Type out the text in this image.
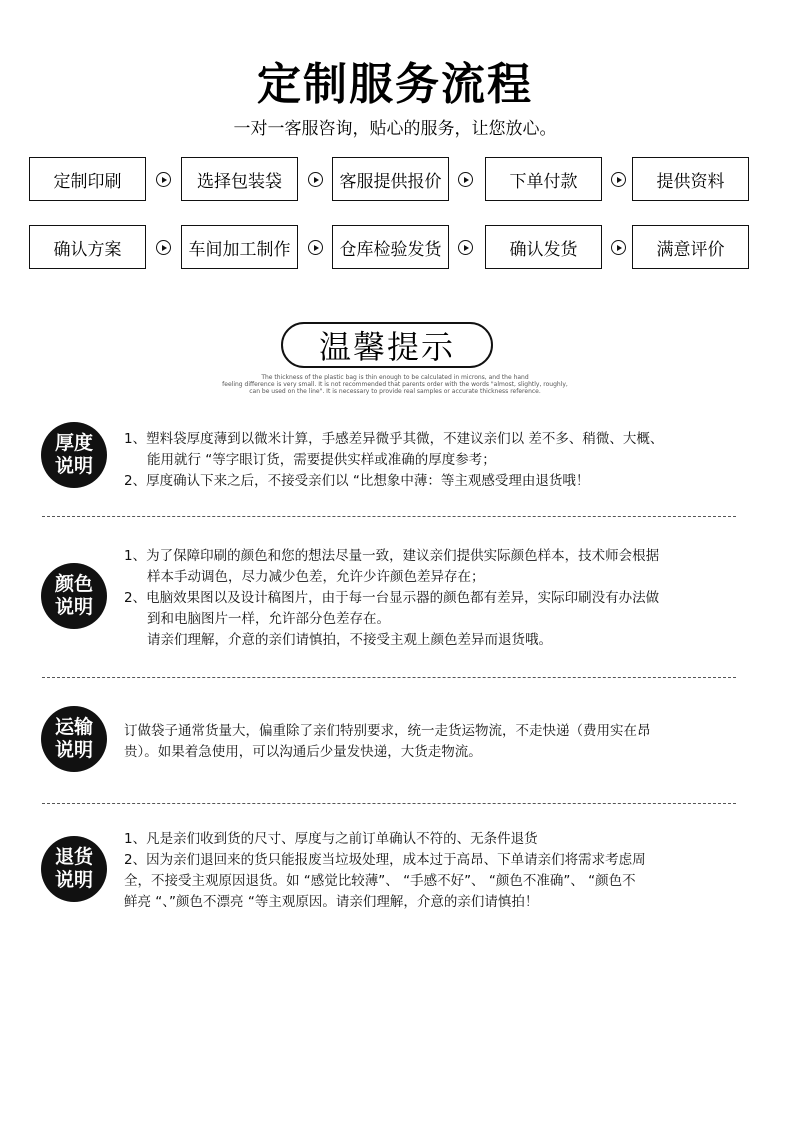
定制服务流程
一对一客服咨询，贴心的服务，让您放心。
定制印刷	选择包装袋	客服提供报价	下单付款	提供资料
确认方案	车间加工制作	仓库检验发货	确认发货	满意评价
温馨提示
The thickness of the plastic bag is thin enough to be calculated in microns, and the hand
feeling difference is very small. It is not recommended that parents order with the words "almost, slightly, roughly,
can be used on the line". It is necessary to provide real samples or accurate thickness reference.
厚度
说明

1、塑料袋厚度薄到以微米计算，手感差异微乎其微，不建议亲们以 差不多、稍微、大概、

能用就行 “等字眼订货，需要提供实样或准确的厚度参考；

2、厚度确认下来之后，不接受亲们以 “比想象中薄：等主观感受理由退货哦！

颜色
说明

1、为了保障印刷的颜色和您的想法尽量一致，建议亲们提供实际颜色样本，技术师会根据

样本手动调色，尽力减少色差，允许少许颜色差异存在；

2、电脑效果图以及设计稿图片，由于每一台显示器的颜色都有差异，实际印刷没有办法做

到和电脑图片一样，允许部分色差存在。

请亲们理解，介意的亲们请慎拍，不接受主观上颜色差异而退货哦。

运输
说明

订做袋子通常货量大，偏重除了亲们特别要求，统一走货运物流，不走快递（费用实在昂

贵）。如果着急使用，可以沟通后少量发快递，大货走物流。

退货
说明

1、凡是亲们收到货的尺寸、厚度与之前订单确认不符的、无条件退货

2、因为亲们退回来的货只能报废当垃圾处理，成本过于高昂、下单请亲们将需求考虑周

全，不接受主观原因退货。如 “感觉比较薄”、 “手感不好”、 “颜色不准确”、 “颜色不

鲜亮 “、”颜色不漂亮 “等主观原因。请亲们理解，介意的亲们请慎拍！
